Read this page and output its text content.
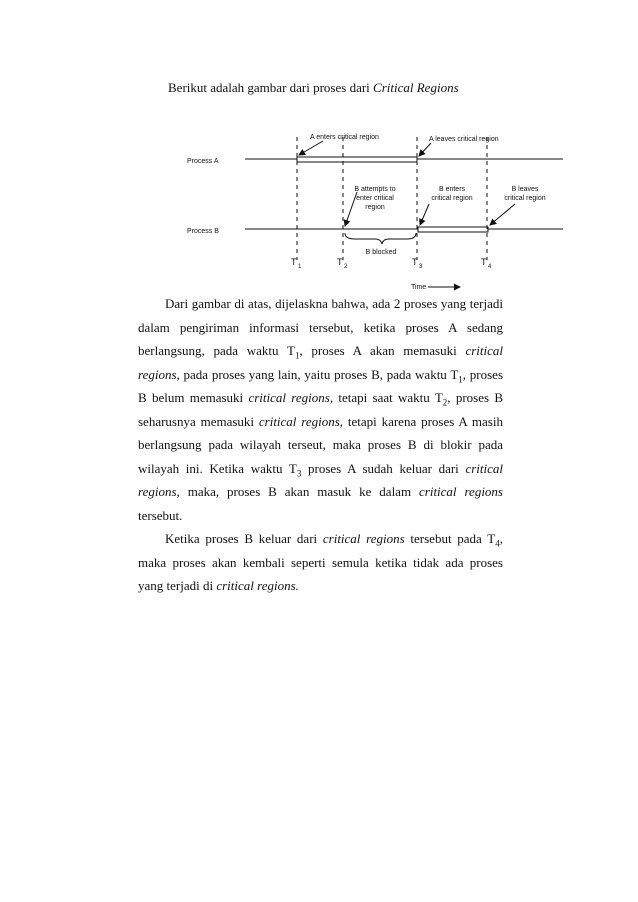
Berikut adalah gambar dari proses dari Critical Regions

Process A
Process B
A enters critical region	A leaves critical region
B attempts to
enter critical
region
B enters
critical region
B leaves
critical region
B blocked
Time
T 1	T 2	T 3	T 4

Dari gambar di atas, dijelaskna bahwa, ada 2 proses yang terjadi dalam pengiriman informasi tersebut, ketika proses A sedang berlangsung, pada waktu $T_1$, proses A akan memasuki critical regions, pada proses yang lain, yaitu proses B, pada waktu $T_1$, proses B belum memasuki critical regions, tetapi saat waktu $T_2$, proses B seharusnya memasuki critical regions, tetapi karena proses A masih berlangsung pada wilayah terseut, maka proses B di blokir pada wilayah ini. Ketika waktu $T_3$ proses A sudah keluar dari critical regions, maka, proses B akan masuk ke dalam critical regions tersebut.

Ketika proses B keluar dari critical regions tersebut pada $T_4$, maka proses akan kembali seperti semula ketika tidak ada proses yang terjadi di critical regions.
